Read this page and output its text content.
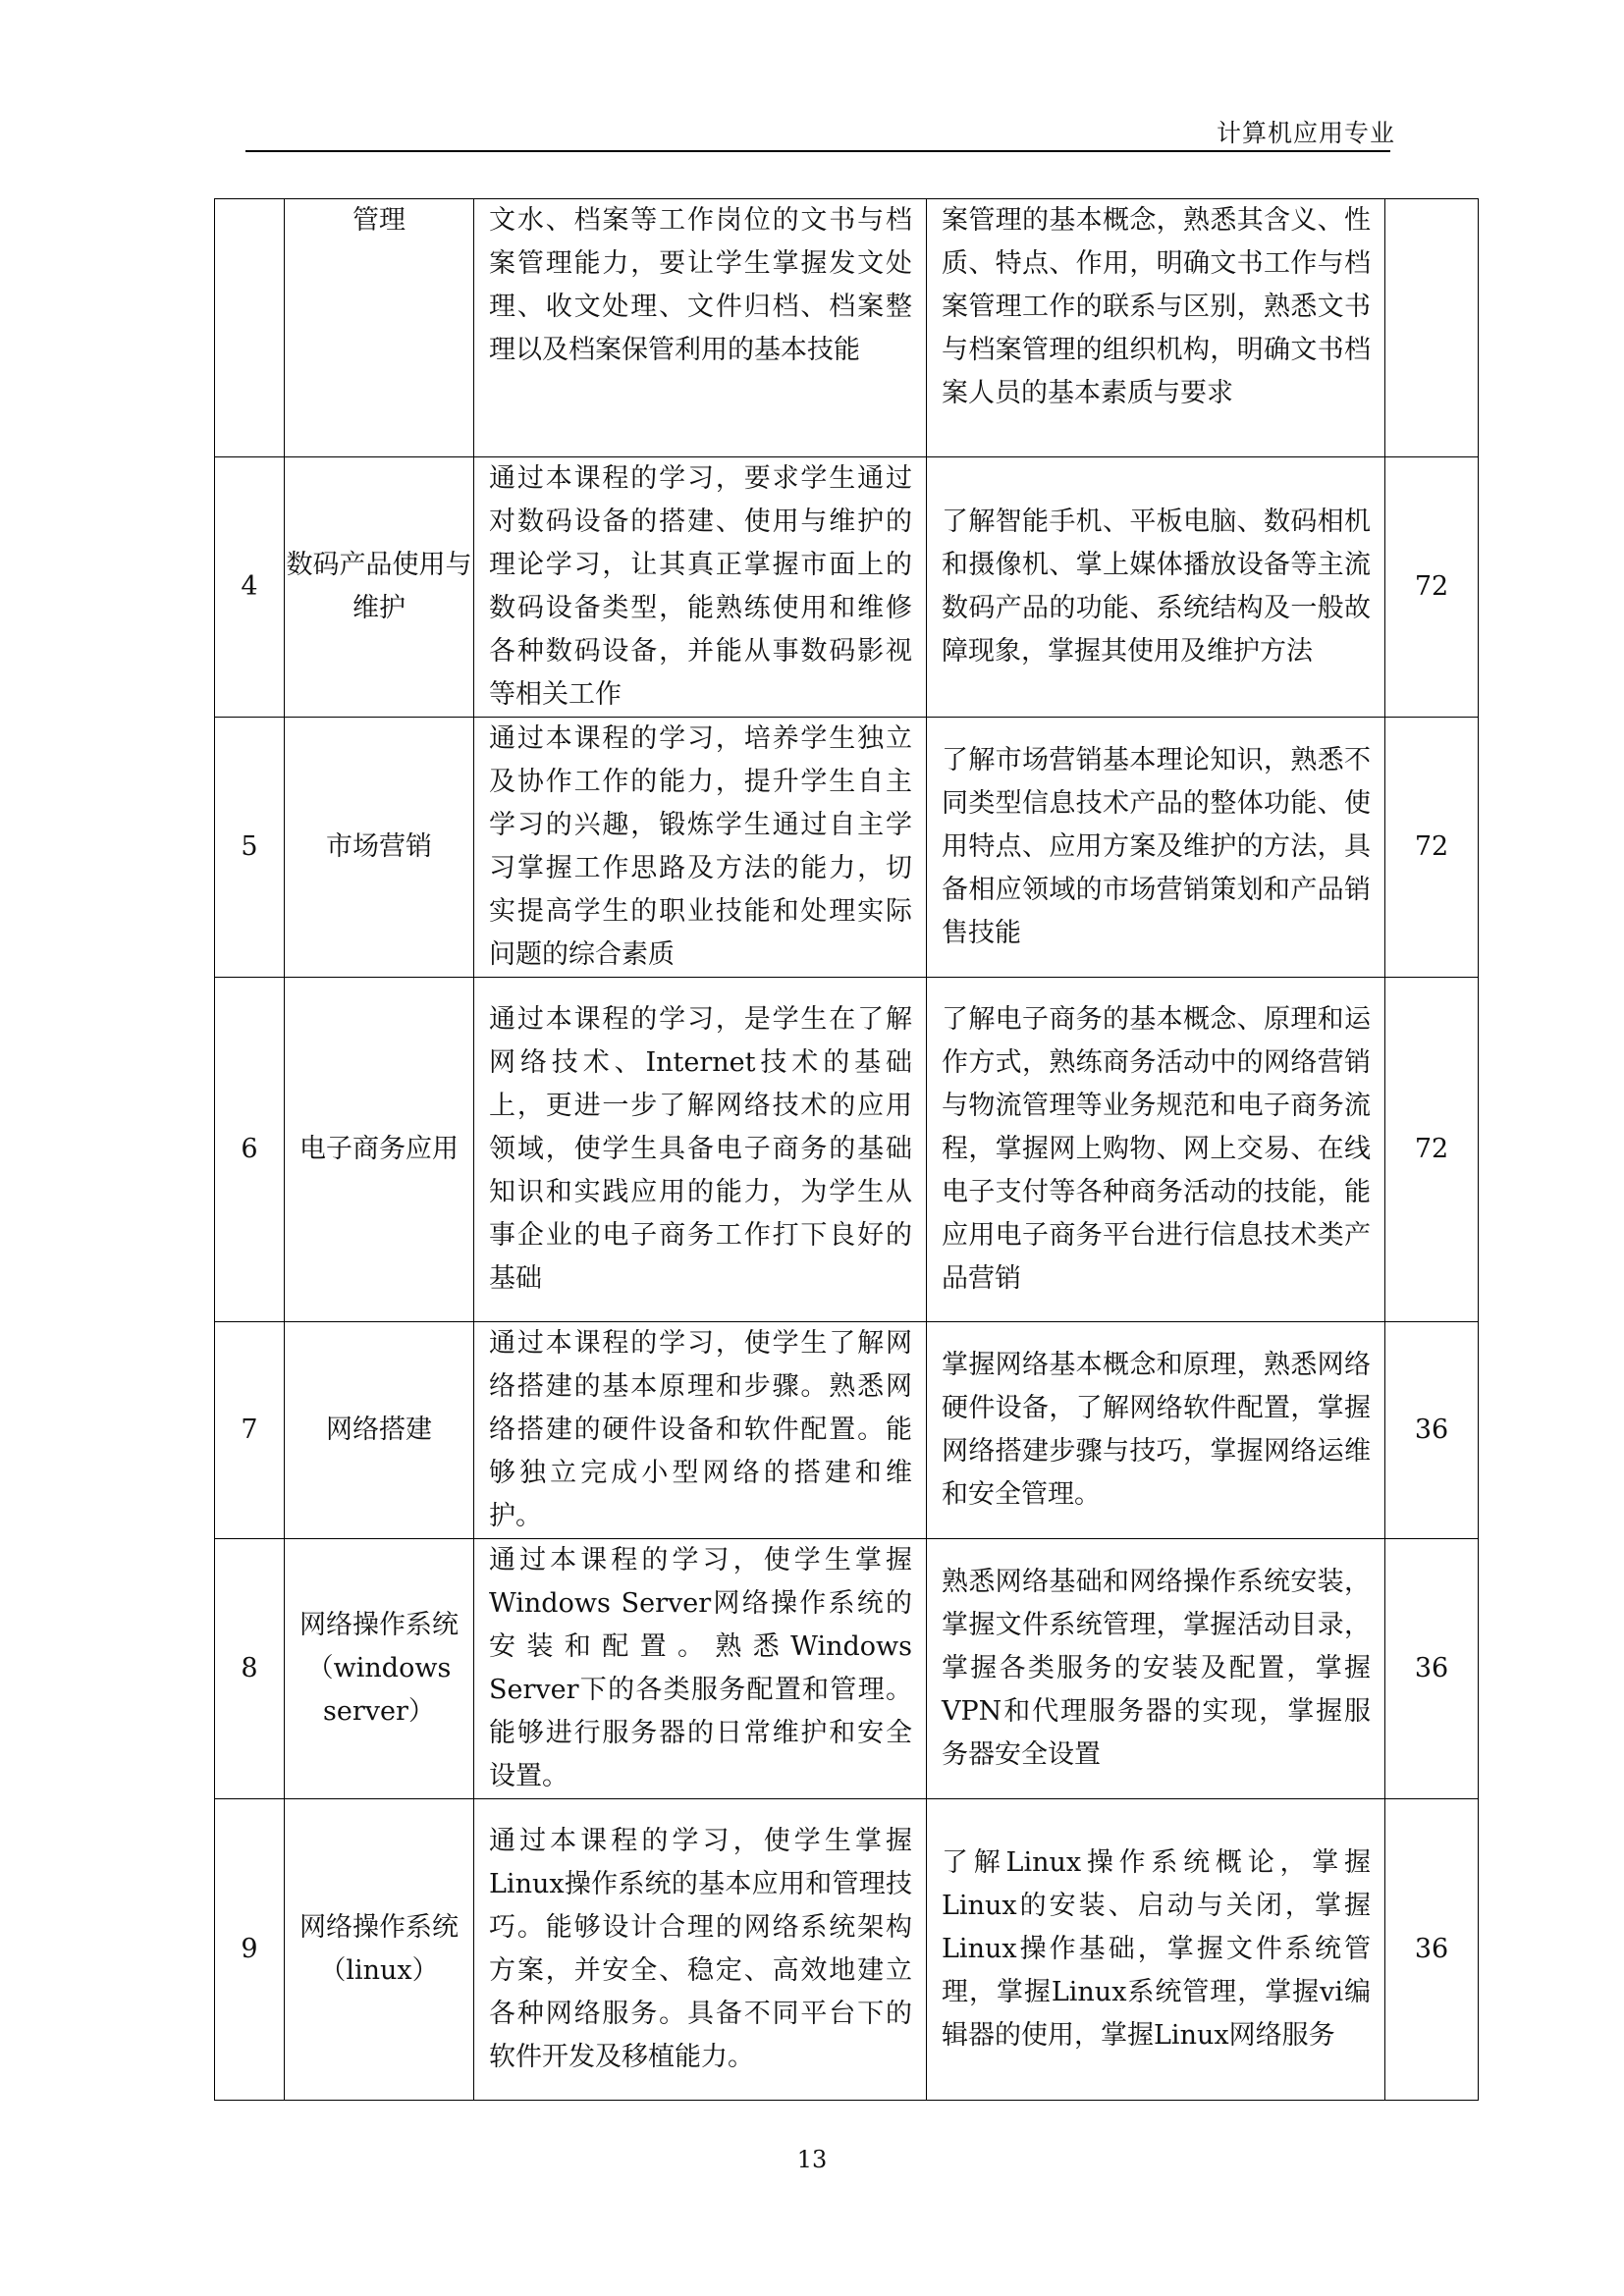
计算机应用专业
	管理	文水、档案等工作岗位的文书与档案管理能力，要让学生掌握发文处理、收文处理、文件归档、档案整理以及档案保管利用的基本技能	案管理的基本概念，熟悉其含义、性质、特点、作用，明确文书工作与档案管理工作的联系与区别，熟悉文书与档案管理的组织机构，明确文书档案人员的基本素质与要求	
4	数码产品使用与维护	通过本课程的学习，要求学生通过对数码设备的搭建、使用与维护的理论学习，让其真正掌握市面上的数码设备类型，能熟练使用和维修各种数码设备，并能从事数码影视等相关工作	了解智能手机、平板电脑、数码相机和摄像机、掌上媒体播放设备等主流数码产品的功能、系统结构及一般故障现象，掌握其使用及维护方法	72
5	市场营销	通过本课程的学习，培养学生独立及协作工作的能力，提升学生自主学习的兴趣，锻炼学生通过自主学习掌握工作思路及方法的能力，切实提高学生的职业技能和处理实际问题的综合素质	了解市场营销基本理论知识，熟悉不同类型信息技术产品的整体功能、使用特点、应用方案及维护的方法，具备相应领域的市场营销策划和产品销售技能	72
6	电子商务应用	通过本课程的学习，是学生在了解网络技术、Internet技术的基础上，更进一步了解网络技术的应用领域，使学生具备电子商务的基础知识和实践应用的能力，为学生从事企业的电子商务工作打下良好的基础	了解电子商务的基本概念、原理和运作方式，熟练商务活动中的网络营销与物流管理等业务规范和电子商务流程，掌握网上购物、网上交易、在线电子支付等各种商务活动的技能，能应用电子商务平台进行信息技术类产品营销	72
7	网络搭建	通过本课程的学习，使学生了解网络搭建的基本原理和步骤。熟悉网络搭建的硬件设备和软件配置。能够独立完成小型网络的搭建和维护。	掌握网络基本概念和原理，熟悉网络硬件设备，了解网络软件配置，掌握网络搭建步骤与技巧，掌握网络运维和安全管理。	36
8	网络操作系统（windows server）	通过本课程的学习，使学生掌握Windows Server网络操作系统的安装和配置。熟悉Windows Server下的各类服务配置和管理。能够进行服务器的日常维护和安全设置。	熟悉网络基础和网络操作系统安装，掌握文件系统管理，掌握活动目录，掌握各类服务的安装及配置，掌握VPN和代理服务器的实现，掌握服务器安全设置	36
9	网络操作系统（linux）	通过本课程的学习，使学生掌握Linux操作系统的基本应用和管理技巧。能够设计合理的网络系统架构方案，并安全、稳定、高效地建立各种网络服务。具备不同平台下的软件开发及移植能力。	了解Linux操作系统概论，掌握Linux的安装、启动与关闭，掌握Linux操作基础，掌握文件系统管理，掌握Linux系统管理，掌握vi编辑器的使用，掌握Linux网络服务	36
13
